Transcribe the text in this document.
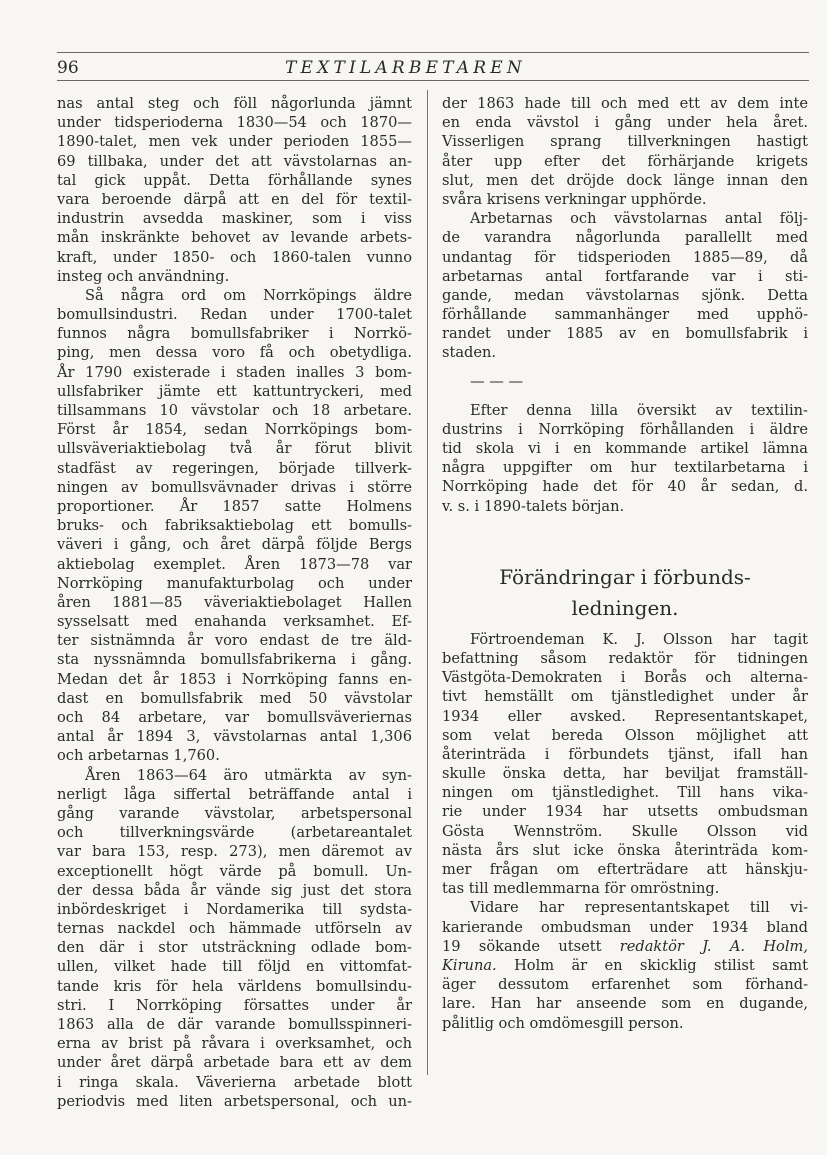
96	TEXTILARBETAREN
nas antal steg och föll någorlunda jämnt
under tidsperioderna 1830—54 och 1870—
1890-talet, men vek under perioden 1855—
69 tillbaka, under det att vävstolarnas an-
tal gick uppåt. Detta förhållande synes
vara beroende därpå att en del för textil-
industrin avsedda maskiner, som i viss
mån inskränkte behovet av levande arbets-
kraft, under 1850- och 1860-talen vunno
insteg och användning.
Så några ord om Norrköpings äldre
bomullsindustri. Redan under 1700-talet
funnos några bomullsfabriker i Norrkö-
ping, men dessa voro få och obetydliga.
År 1790 existerade i staden inalles 3 bom-
ullsfabriker jämte ett kattuntryckeri, med
tillsammans 10 vävstolar och 18 arbetare.
Först år 1854, sedan Norrköpings bom-
ullsväveriaktiebolag två år förut blivit
stadfäst av regeringen, började tillverk-
ningen av bomullsvävnader drivas i större
proportioner. År 1857 satte Holmens
bruks- och fabriksaktiebolag ett bomulls-
väveri i gång, och året därpå följde Bergs
aktiebolag exemplet. Åren 1873—78 var
Norrköping manufakturbolag och under
åren 1881—85 väveriaktiebolaget Hallen
sysselsatt med enahanda verksamhet. Ef-
ter sistnämnda år voro endast de tre äld-
sta nyssnämnda bomullsfabrikerna i gång.
Medan det år 1853 i Norrköping fanns en-
dast en bomullsfabrik med 50 vävstolar
och 84 arbetare, var bomullsväveriernas
antal år 1894 3, vävstolarnas antal 1,306
och arbetarnas 1,760.
Åren 1863—64 äro utmärkta av syn-
nerligt låga siffertal beträffande antal i
gång varande vävstolar, arbetspersonal
och tillverkningsvärde (arbetareantalet
var bara 153, resp. 273), men däremot av
exceptionellt högt värde på bomull. Un-
der dessa båda år vände sig just det stora
inbördeskriget i Nordamerika till sydsta-
ternas nackdel och hämmade utförseln av
den där i stor utsträckning odlade bom-
ullen, vilket hade till följd en vittomfat-
tande kris för hela världens bomullsindu-
stri. I Norrköping försattes under år
1863 alla de där varande bomullsspinneri-
erna av brist på råvara i overksamhet, och
under året därpå arbetade bara ett av dem
i ringa skala. Väverierna arbetade blott
periodvis med liten arbetspersonal, och un-
der 1863 hade till och med ett av dem inte
en enda vävstol i gång under hela året.
Visserligen sprang tillverkningen hastigt
åter upp efter det förhärjande krigets
slut, men det dröjde dock länge innan den
svåra krisens verkningar upphörde.
Arbetarnas och vävstolarnas antal följ-
de varandra någorlunda parallellt med
undantag för tidsperioden 1885—89, då
arbetarnas antal fortfarande var i sti-
gande, medan vävstolarnas sjönk. Detta
förhållande sammanhänger med upphö-
randet under 1885 av en bomullsfabrik i
staden.
— — —
Efter denna lilla översikt av textilin-
dustrins i Norrköping förhållanden i äldre
tid skola vi i en kommande artikel lämna
några uppgifter om hur textilarbetarna i
Norrköping hade det för 40 år sedan, d.
v. s. i 1890-talets början.
Förändringar i förbunds-
ledningen.
Förtroendeman K. J. Olsson har tagit
befattning såsom redaktör för tidningen
Västgöta-Demokraten i Borås och alterna-
tivt hemställt om tjänstledighet under år
1934 eller avsked. Representantskapet,
som velat bereda Olsson möjlighet att
återinträda i förbundets tjänst, ifall han
skulle önska detta, har beviljat framställ-
ningen om tjänstledighet. Till hans vika-
rie under 1934 har utsetts ombudsman
Gösta Wennström. Skulle Olsson vid
nästa års slut icke önska återinträda kom-
mer frågan om efterträdare att hänskju-
tas till medlemmarna för omröstning.
Vidare har representantskapet till vi-
karierande ombudsman under 1934 bland
19 sökande utsett redaktör J. A. Holm,
Kiruna. Holm är en skicklig stilist samt
äger dessutom erfarenhet som förhand-
lare. Han har anseende som en dugande,
pålitlig och omdömesgill person.
